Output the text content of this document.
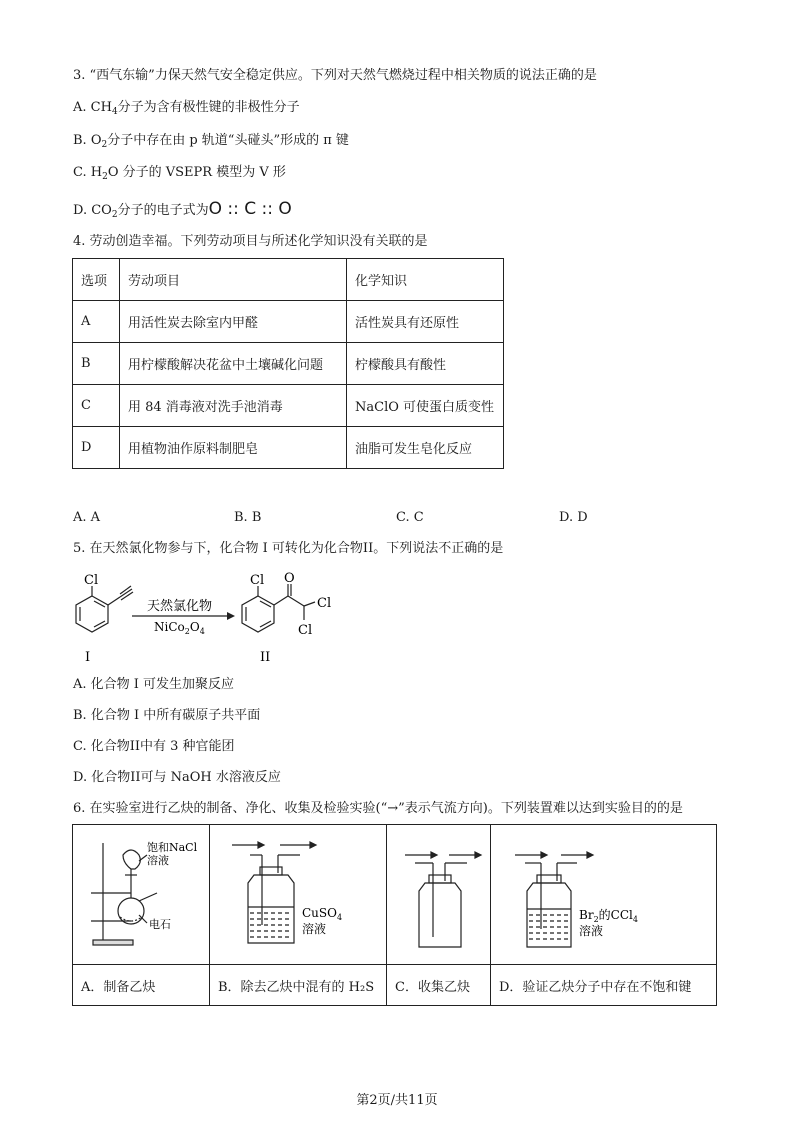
3. “西气东输”力保天然气安全稳定供应。下列对天然气燃烧过程中相关物质的说法正确的是
A. $CH_4$分子为含有极性键的非极性分子
B. $O_2$分子中存在由 p 轨道“头碰头”形成的 π 键
C. $H_2O$ 分子的 VSEPR 模型为 V 形
D. $CO_2$分子的电子式为O :: C :: O
4. 劳动创造幸福。下列劳动项目与所述化学知识没有关联的是
选项	劳动项目	化学知识
A	用活性炭去除室内甲醛	活性炭具有还原性
B	用柠檬酸解决花盆中土壤碱化问题	柠檬酸具有酸性
C	用 84 消毒液对洗手池消毒	NaClO 可使蛋白质变性
D	用植物油作原料制肥皂	油脂可发生皂化反应
A. A	B. B	C. C	D. D
5. 在天然氯化物参与下，化合物 I 可转化为化合物II。下列说法不正确的是
Cl
I
天然氯化物
$NiCo_2O_4$
Cl O
Cl
Cl
II
A. 化合物 I 可发生加聚反应
B. 化合物 I 中所有碳原子共平面
C. 化合物II中有 3 种官能团
D. 化合物II可与 NaOH 水溶液反应
6. 在实验室进行乙炔的制备、净化、收集及检验实验(“→”表示气流方向)。下列装置难以达到实验目的的是
饱和NaCl
溶液
电石	CuSO$_4$
溶液		$Br_2$的CCl$_4$
溶液

A．制备乙炔	B．除去乙炔中混有的 H₂S	C．收集乙炔	D．验证乙炔分子中存在不饱和键
第2页/共11页
